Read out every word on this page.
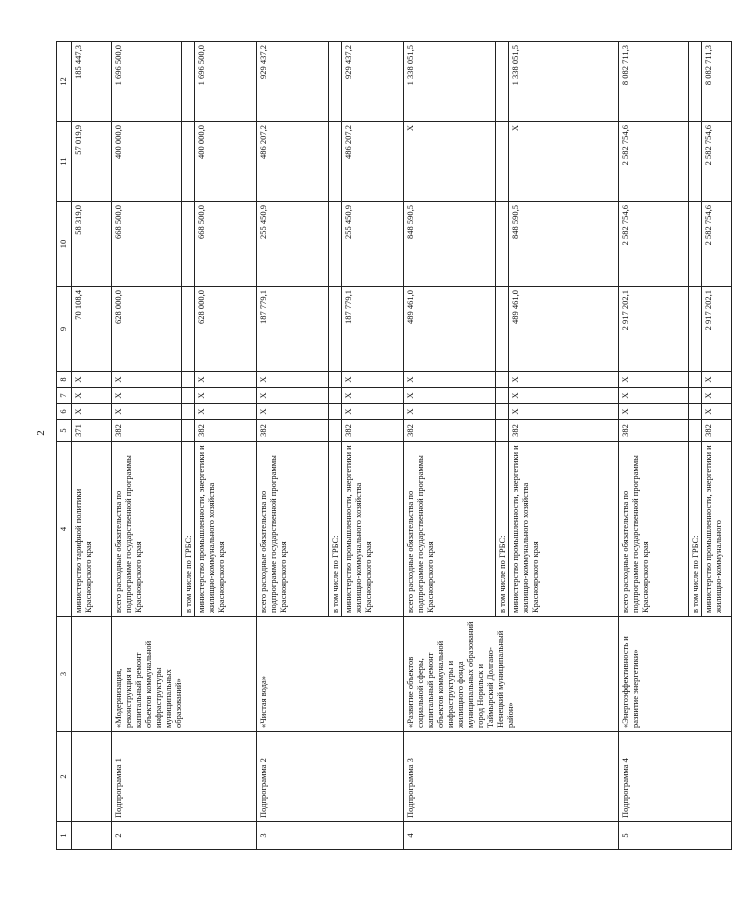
2
1	2	3	4	5	6	7	8	9	10	11	12
			министерство тарифной политики Красноярского края	371	X	X	X	70 108,4	58 319,0	57 019,9	185 447,3
2	Подпрограмма 1	«Модернизация, реконструкция и капитальный ремонт объектов коммунальной инфраструктуры муниципальных образований»	всего расходные обязательства по подпрограмме государственной программы Красноярского края	382	X	X	X	628 000,0	668 500,0	400 000,0	1 696 500,0
			в том числе по ГРБС:								
			министерство промышленности, энергетики и жилищно-коммунального хозяйства Красноярского края	382	X	X	X	628 000,0	668 500,0	400 000,0	1 696 500,0
3	Подпрограмма 2	«Чистая вода»	всего расходные обязательства по подпрограмме государственной программы Красноярского края	382	X	X	X	187 779,1	255 450,9	486 207,2	929 437,2
			в том числе по ГРБС:								
			министерство промышленности, энергетики и жилищно-коммунального хозяйства Красноярского края	382	X	X	X	187 779,1	255 450,9	486 207,2	929 437,2
4	Подпрограмма 3	«Развитие объектов социальной сферы, капитальный ремонт объектов коммунальной инфраструктуры и жилищного фонда муниципальных образований город Норильск и Таймырский Долгано-Ненецкий муниципальный район»	всего расходные обязательства по подпрограмме государственной программы Красноярского края	382	X	X	X	489 461,0	848 590,5	X	1 338 051,5
			в том числе по ГРБС:								
			министерство промышленности, энергетики и жилищно-коммунального хозяйства Красноярского края	382	X	X	X	489 461,0	848 590,5	X	1 338 051,5
5	Подпрограмма 4	«Энергоэффективность и развитие энергетики»	всего расходные обязательства по подпрограмме государственной программы Красноярского края	382	X	X	X	2 917 202,1	2 582 754,6	2 582 754,6	8 082 711,3
			в том числе по ГРБС:								
			министерство промышленности, энергетики и жилищно-коммунального	382	X	X	X	2 917 202,1	2 582 754,6	2 582 754,6	8 082 711,3
